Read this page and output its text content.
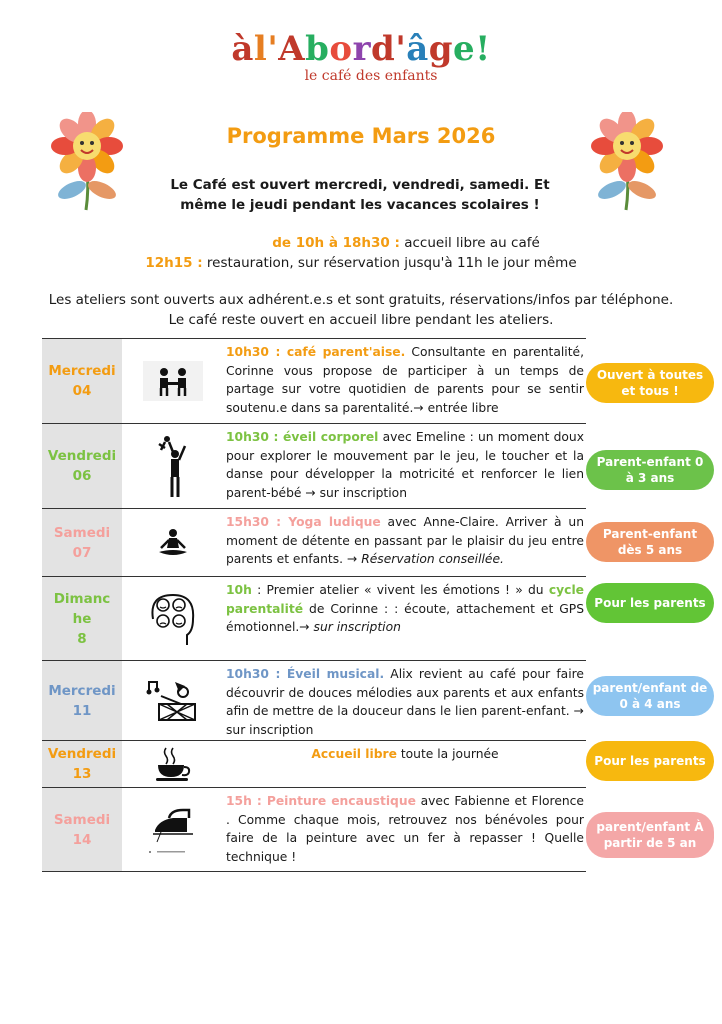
àl'Abord'âge!
le café des enfants
Programme Mars 2026
Le Café est ouvert mercredi, vendredi, samedi. Et même le jeudi pendant les vacances scolaires !
de 10h à 18h30 : accueil libre au café
12h15 : restauration, sur réservation jusqu'à 11h le jour même
Les ateliers sont ouverts aux adhérent.e.s et sont gratuits, réservations/infos par téléphone.
Le café reste ouvert en accueil libre pendant les ateliers.
Mercredi
04
10h30 : café parent'aise. Consultante en parentalité, Corinne vous propose de participer à un temps de partage sur votre quotidien de parents pour se sentir soutenu.e dans sa parentalité.→ entrée libre
Vendredi
06
10h30 : éveil corporel avec Emeline : un moment doux pour explorer le mouvement par le jeu, le toucher et la danse pour développer la motricité et renforcer le lien parent-bébé → sur inscription
Samedi
07
15h30 : Yoga ludique avec Anne-Claire. Arriver à un moment de détente en passant par le plaisir du jeu entre parents et enfants. → Réservation conseillée.
Dimanche
8
10h : Premier atelier « vivent les émotions ! » du cycle parentalité de Corinne : : écoute, attachement et GPS émotionnel.→ sur inscription
Mercredi
11
10h30 : Éveil musical. Alix revient au café pour faire découvrir de douces mélodies aux parents et aux enfants afin de mettre de la douceur dans le lien parent-enfant. → sur inscription
Vendredi
13
Accueil libre toute la journée
Samedi
14
15h : Peinture encaustique avec Fabienne et Florence . Comme chaque mois, retrouvez nos bénévoles pour faire de la peinture avec un fer à repasser ! Quelle technique !
Ouvert à toutes et tous !
Parent-enfant 0 à 3 ans
Parent-enfant dès 5 ans
Pour les parents
parent/enfant de 0 à 4 ans
Pour les parents
parent/enfant À partir de 5 an
